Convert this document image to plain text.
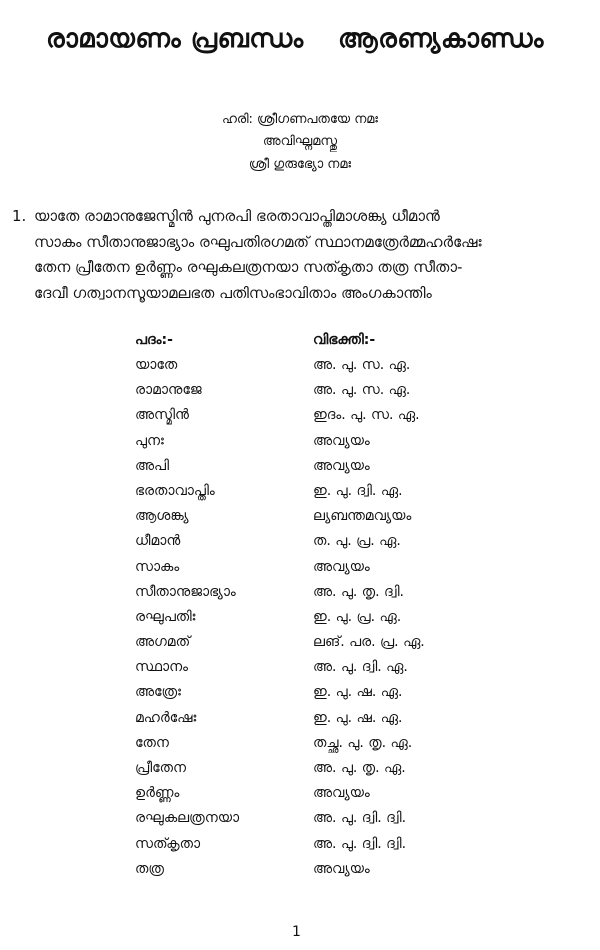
രാമായണം പ്രബന്ധം ആരണ്യകാണ്ഡം
ഹരി: ശ്രീഗണപതയേ നമഃ
അവിഘ്നമസ്തു
ശ്രീ ഗുരുഭ്യോ നമഃ
1. യാതേ രാമാനുജേസ്മിൻ പുനരപി ഭരതാവാപ്തിമാശങ്ക്യ ധീമാൻ
സാകം സീതാനുജാഭ്യാം രഘുപതിരഗമത് സ്ഥാനമത്രേർമ്മഹർഷേഃ
തേന പ്രീതേന ഉർണ്ണം രഘുകലത്രനയാ സത്കൃതാ തത്ര സീതാ-
ദേവീ ഗത്വാനസൂയാമലഭത പതിസംഭാവിതാം അംഗകാന്തിം
പദം:-	വിഭക്തി:-
യാതേ	അ. പു. സ. ഏ.
രാമാനുജേ	അ. പു. സ. ഏ.
അസ്മിൻ	ഇദം. പു. സ. ഏ.
പുനഃ	അവ്യയം
അപി	അവ്യയം
ഭരതാവാപ്തിം	ഇ. പു. ദ്വി. ഏ.
ആശങ്ക്യ	ല്യബന്തമവ്യയം
ധീമാൻ	ത. പു. പ്ര. ഏ.
സാകം	അവ്യയം
സീതാനുജാഭ്യാം	അ. പു. തൃ. ദ്വി.
രഘുപതിഃ	ഇ. പു. പ്ര. ഏ.
അഗമത്	ലങ്. പര. പ്ര. ഏ.
സ്ഥാനം	അ. പു. ദ്വി. ഏ.
അത്രേഃ	ഇ. പു. ഷ. ഏ.
മഹർഷേഃ	ഇ. പു. ഷ. ഏ.
തേന	തച്ഛ. പു. തൃ. ഏ.
പ്രീതേന	അ. പു. തൃ. ഏ.
ഉർണ്ണം	അവ്യയം
രഘുകലത്രനയാ	അ. പു. ദ്വി. ദ്വി.
സത്കൃതാ	അ. പു. ദ്വി. ദ്വി.
തത്ര	അവ്യയം
1
